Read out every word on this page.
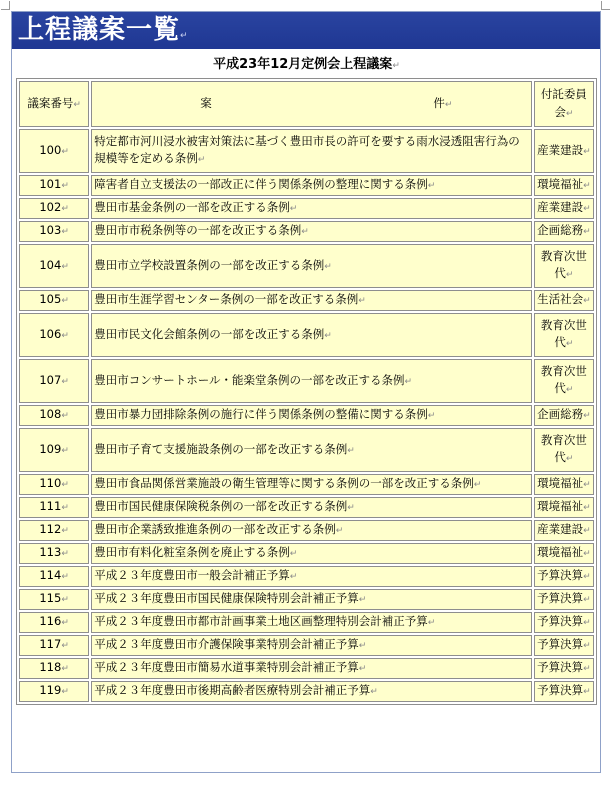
上程議案一覧↵
平成23年12月定例会上程議案↵
議案番号↵	案 件↵	付託委員会↵
100↵	特定都市河川浸水被害対策法に基づく豊田市長の許可を要する雨水浸透阻害行為の規模等を定める条例↵	産業建設↵
101↵	障害者自立支援法の一部改正に伴う関係条例の整理に関する条例↵	環境福祉↵
102↵	豊田市基金条例の一部を改正する条例↵	産業建設↵
103↵	豊田市市税条例等の一部を改正する条例↵	企画総務↵
104↵	豊田市立学校設置条例の一部を改正する条例↵	教育次世代↵
105↵	豊田市生涯学習センター条例の一部を改正する条例↵	生活社会↵
106↵	豊田市民文化会館条例の一部を改正する条例↵	教育次世代↵
107↵	豊田市コンサートホール・能楽堂条例の一部を改正する条例↵	教育次世代↵
108↵	豊田市暴力団排除条例の施行に伴う関係条例の整備に関する条例↵	企画総務↵
109↵	豊田市子育て支援施設条例の一部を改正する条例↵	教育次世代↵
110↵	豊田市食品関係営業施設の衛生管理等に関する条例の一部を改正する条例↵	環境福祉↵
111↵	豊田市国民健康保険税条例の一部を改正する条例↵	環境福祉↵
112↵	豊田市企業誘致推進条例の一部を改正する条例↵	産業建設↵
113↵	豊田市有料化粧室条例を廃止する条例↵	環境福祉↵
114↵	平成２３年度豊田市一般会計補正予算↵	予算決算↵
115↵	平成２３年度豊田市国民健康保険特別会計補正予算↵	予算決算↵
116↵	平成２３年度豊田市都市計画事業土地区画整理特別会計補正予算↵	予算決算↵
117↵	平成２３年度豊田市介護保険事業特別会計補正予算↵	予算決算↵
118↵	平成２３年度豊田市簡易水道事業特別会計補正予算↵	予算決算↵
119↵	平成２３年度豊田市後期高齢者医療特別会計補正予算↵	予算決算↵
